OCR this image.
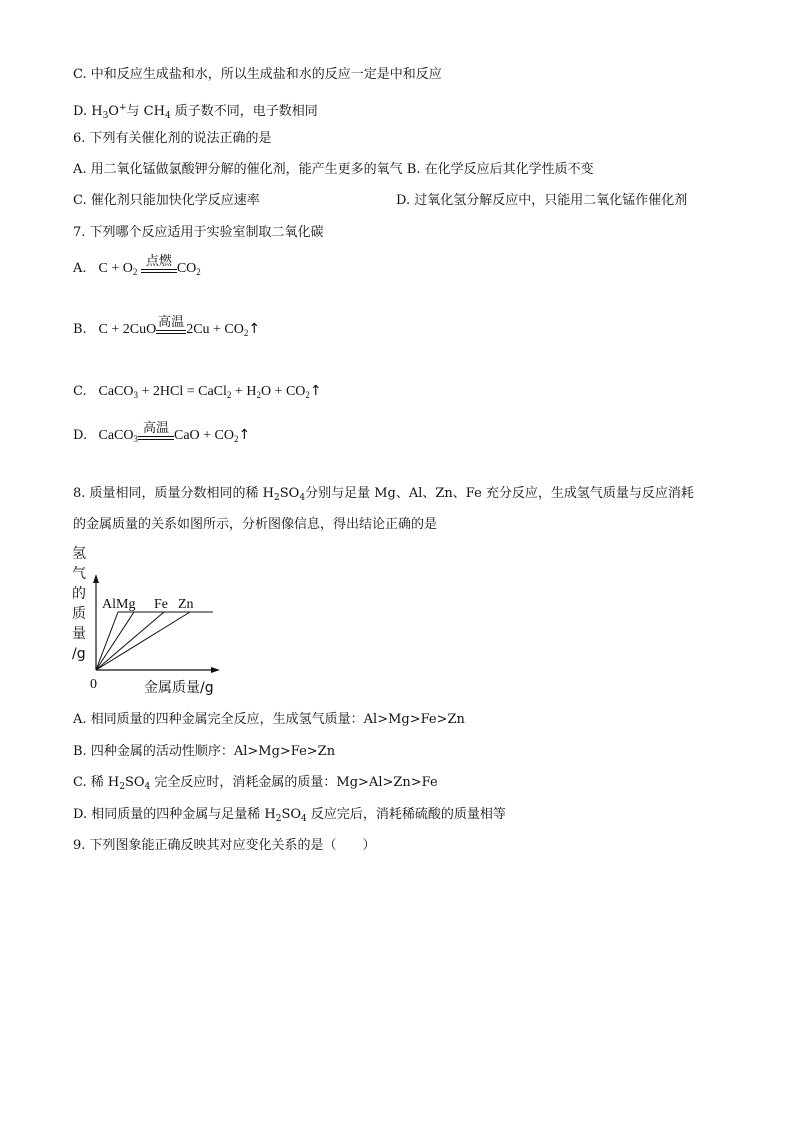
C. 中和反应生成盐和水，所以生成盐和水的反应一定是中和反应
D. $H_3O^+$与 $CH_4$ 质子数不同，电子数相同
6. 下列有关催化剂的说法正确的是
A. 用二氧化锰做氯酸钾分解的催化剂，能产生更多的氧气 B. 在化学反应后其化学性质不变
C. 催化剂只能加快化学反应速率	D. 过氧化氢分解反应中，只能用二氧化锰作催化剂
7. 下列哪个反应适用于实验室制取二氧化碳
A. $C + O_2$
点燃 $CO_2$
B. C + 2CuO 高温 $2Cu + CO_2↑$
C. CaCO$_3$ + 2HCl = CaCl$_2$ + $H_2O$ + $CO_2↑$
D. CaCO$_3$
高温 CaO + $CO_2↑$
8. 质量相同，质量分数相同的稀 $H_2SO_4$分别与足量 Mg、Al、Zn、Fe 充分反应，生成氢气质量与反应消耗
的金属质量的关系如图所示，分析图像信息，得出结论正确的是
氢
气
的
质
量
/g
AlMg Fe Zn
0	金属质量/g
A. 相同质量的四种金属完全反应，生成氢气质量：Al>Mg>Fe>Zn
B. 四种金属的活动性顺序：Al>Mg>Fe>Zn
C. 稀 $H_2SO_4$ 完全反应时，消耗金属的质量：Mg>Al>Zn>Fe
D. 相同质量的四种金属与足量稀 $H_2SO_4$ 反应完后，消耗稀硫酸的质量相等
9. 下列图象能正确反映其对应变化关系的是（　　）
